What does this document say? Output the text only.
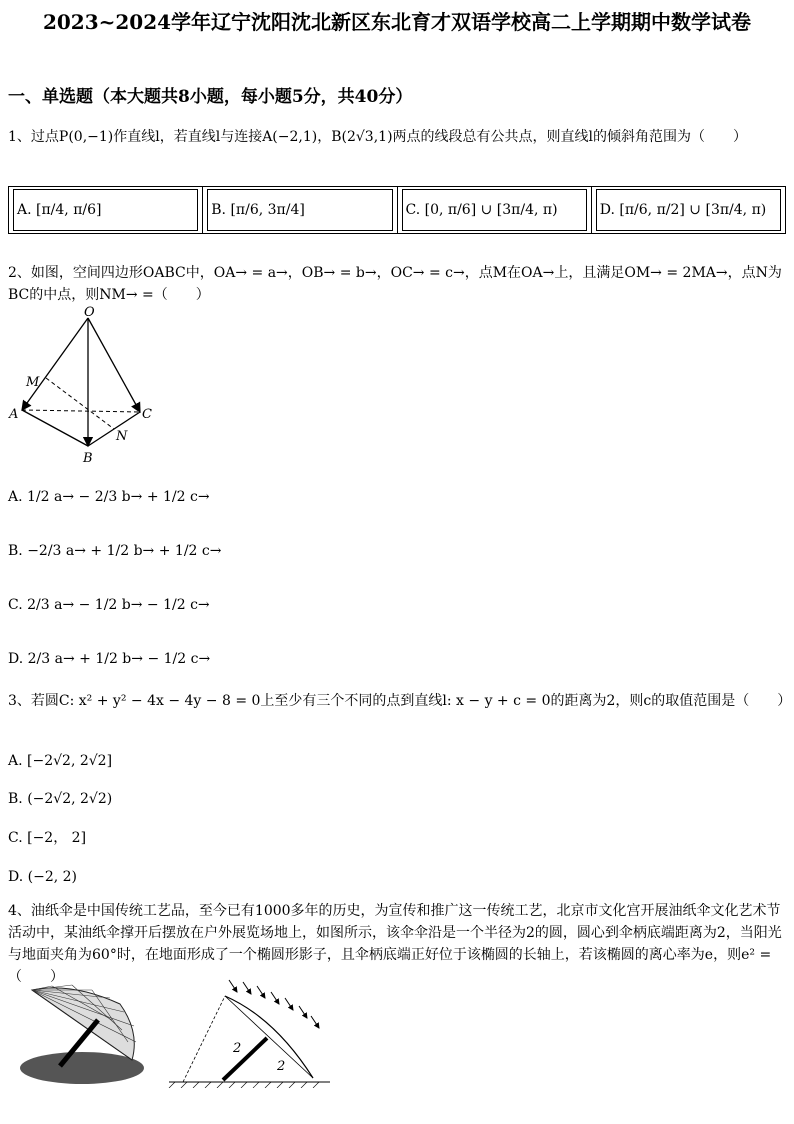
2023~2024学年辽宁沈阳沈北新区东北育才双语学校高二上学期期中数学试卷
一、单选题（本大题共8小题，每小题5分，共40分）
1、过点P(0,−1)作直线l，若直线l与连接A(−2,1)，B(2√3,1)两点的线段总有公共点，则直线l的倾斜角范围为（　　）
A. [π/4, π/6]	B. [π/6, 3π/4]	C. [0, π/6] ∪ [3π/4, π)	D. [π/6, π/2] ∪ [3π/4, π)
2、如图，空间四边形OABC中，OA→ = a→，OB→ = b→，OC→ = c→，点M在OA→上，且满足OM→ = 2MA→，点N为BC的中点，则NM→ =（　　）
O
M
A	C
N
B
A. 1/2 a→ − 2/3 b→ + 1/2 c→
B. −2/3 a→ + 1/2 b→ + 1/2 c→
C. 2/3 a→ − 1/2 b→ − 1/2 c→
D. 2/3 a→ + 1/2 b→ − 1/2 c→
3、若圆C: x² + y² − 4x − 4y − 8 = 0上至少有三个不同的点到直线l: x − y + c = 0的距离为2，则c的取值范围是（　　）
A. [−2√2, 2√2]
B. (−2√2, 2√2)
C. [−2， 2]
D. (−2, 2)
4、油纸伞是中国传统工艺品，至今已有1000多年的历史，为宣传和推广这一传统工艺，北京市文化宫开展油纸伞文化艺术节活动中，某油纸伞撑开后摆放在户外展览场地上，如图所示，该伞伞沿是一个半径为2的圆，圆心到伞柄底端距离为2，当阳光与地面夹角为60°时，在地面形成了一个椭圆形影子，且伞柄底端正好位于该椭圆的长轴上，若该椭圆的离心率为e，则e² =（　　）
2
2
